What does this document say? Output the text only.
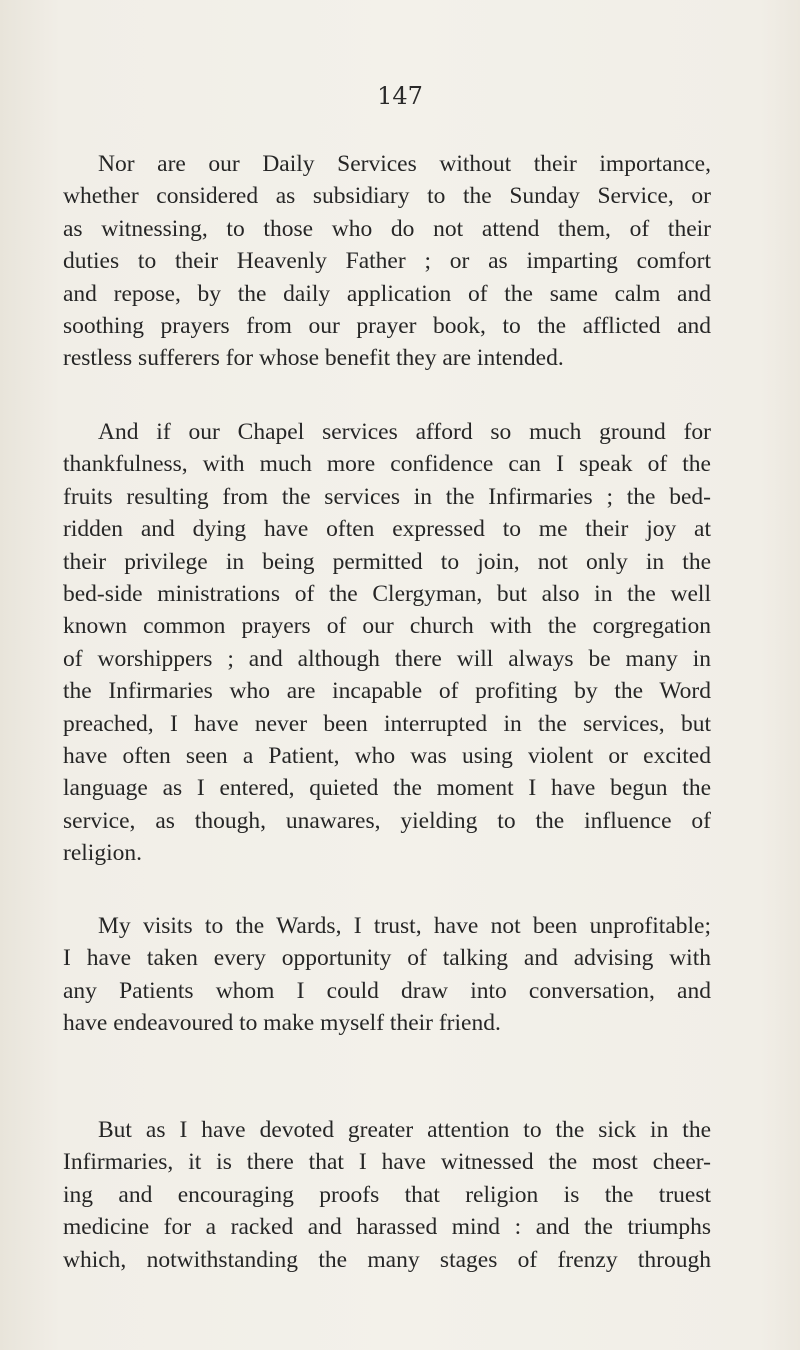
147
Nor are our Daily Services without their importance,
whether considered as subsidiary to the Sunday Service, or
as witnessing, to those who do not attend them, of their
duties to their Heavenly Father ; or as imparting comfort
and repose, by the daily application of the same calm and
soothing prayers from our prayer book, to the afflicted and
restless sufferers for whose benefit they are intended.
And if our Chapel services afford so much ground for
thankfulness, with much more confidence can I speak of the
fruits resulting from the services in the Infirmaries ; the bed-
ridden and dying have often expressed to me their joy at
their privilege in being permitted to join, not only in the
bed-side ministrations of the Clergyman, but also in the well
known common prayers of our church with the corgregation
of worshippers ; and although there will always be many in
the Infirmaries who are incapable of profiting by the Word
preached, I have never been interrupted in the services, but
have often seen a Patient, who was using violent or excited
language as I entered, quieted the moment I have begun the
service, as though, unawares, yielding to the influence of
religion.
My visits to the Wards, I trust, have not been unprofitable;
I have taken every opportunity of talking and advising with
any Patients whom I could draw into conversation, and
have endeavoured to make myself their friend.
But as I have devoted greater attention to the sick in the
Infirmaries, it is there that I have witnessed the most cheer-
ing and encouraging proofs that religion is the truest
medicine for a racked and harassed mind : and the triumphs
which, notwithstanding the many stages of frenzy through
